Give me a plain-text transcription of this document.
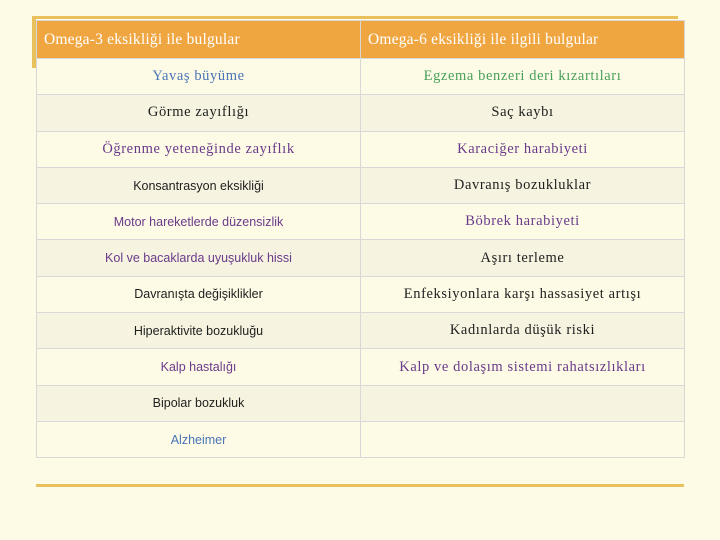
Omega-3 eksikliği ile bulgular	Omega-6 eksikliği ile ilgili bulgular
Yavaş büyüme	Egzema benzeri deri kızartıları
Görme zayıflığı	Saç kaybı
Öğrenme yeteneğinde zayıflık	Karaciğer harabiyeti
Konsantrasyon eksikliği	Davranış bozukluklar
Motor hareketlerde düzensizlik	Böbrek harabiyeti
Kol ve bacaklarda uyuşukluk hissi	Aşırı terleme
Davranışta değişiklikler	Enfeksiyonlara karşı hassasiyet artışı
Hiperaktivite bozukluğu	Kadınlarda düşük riski
Kalp hastalığı	Kalp ve dolaşım sistemi rahatsızlıkları
Bipolar bozukluk	
Alzheimer	
